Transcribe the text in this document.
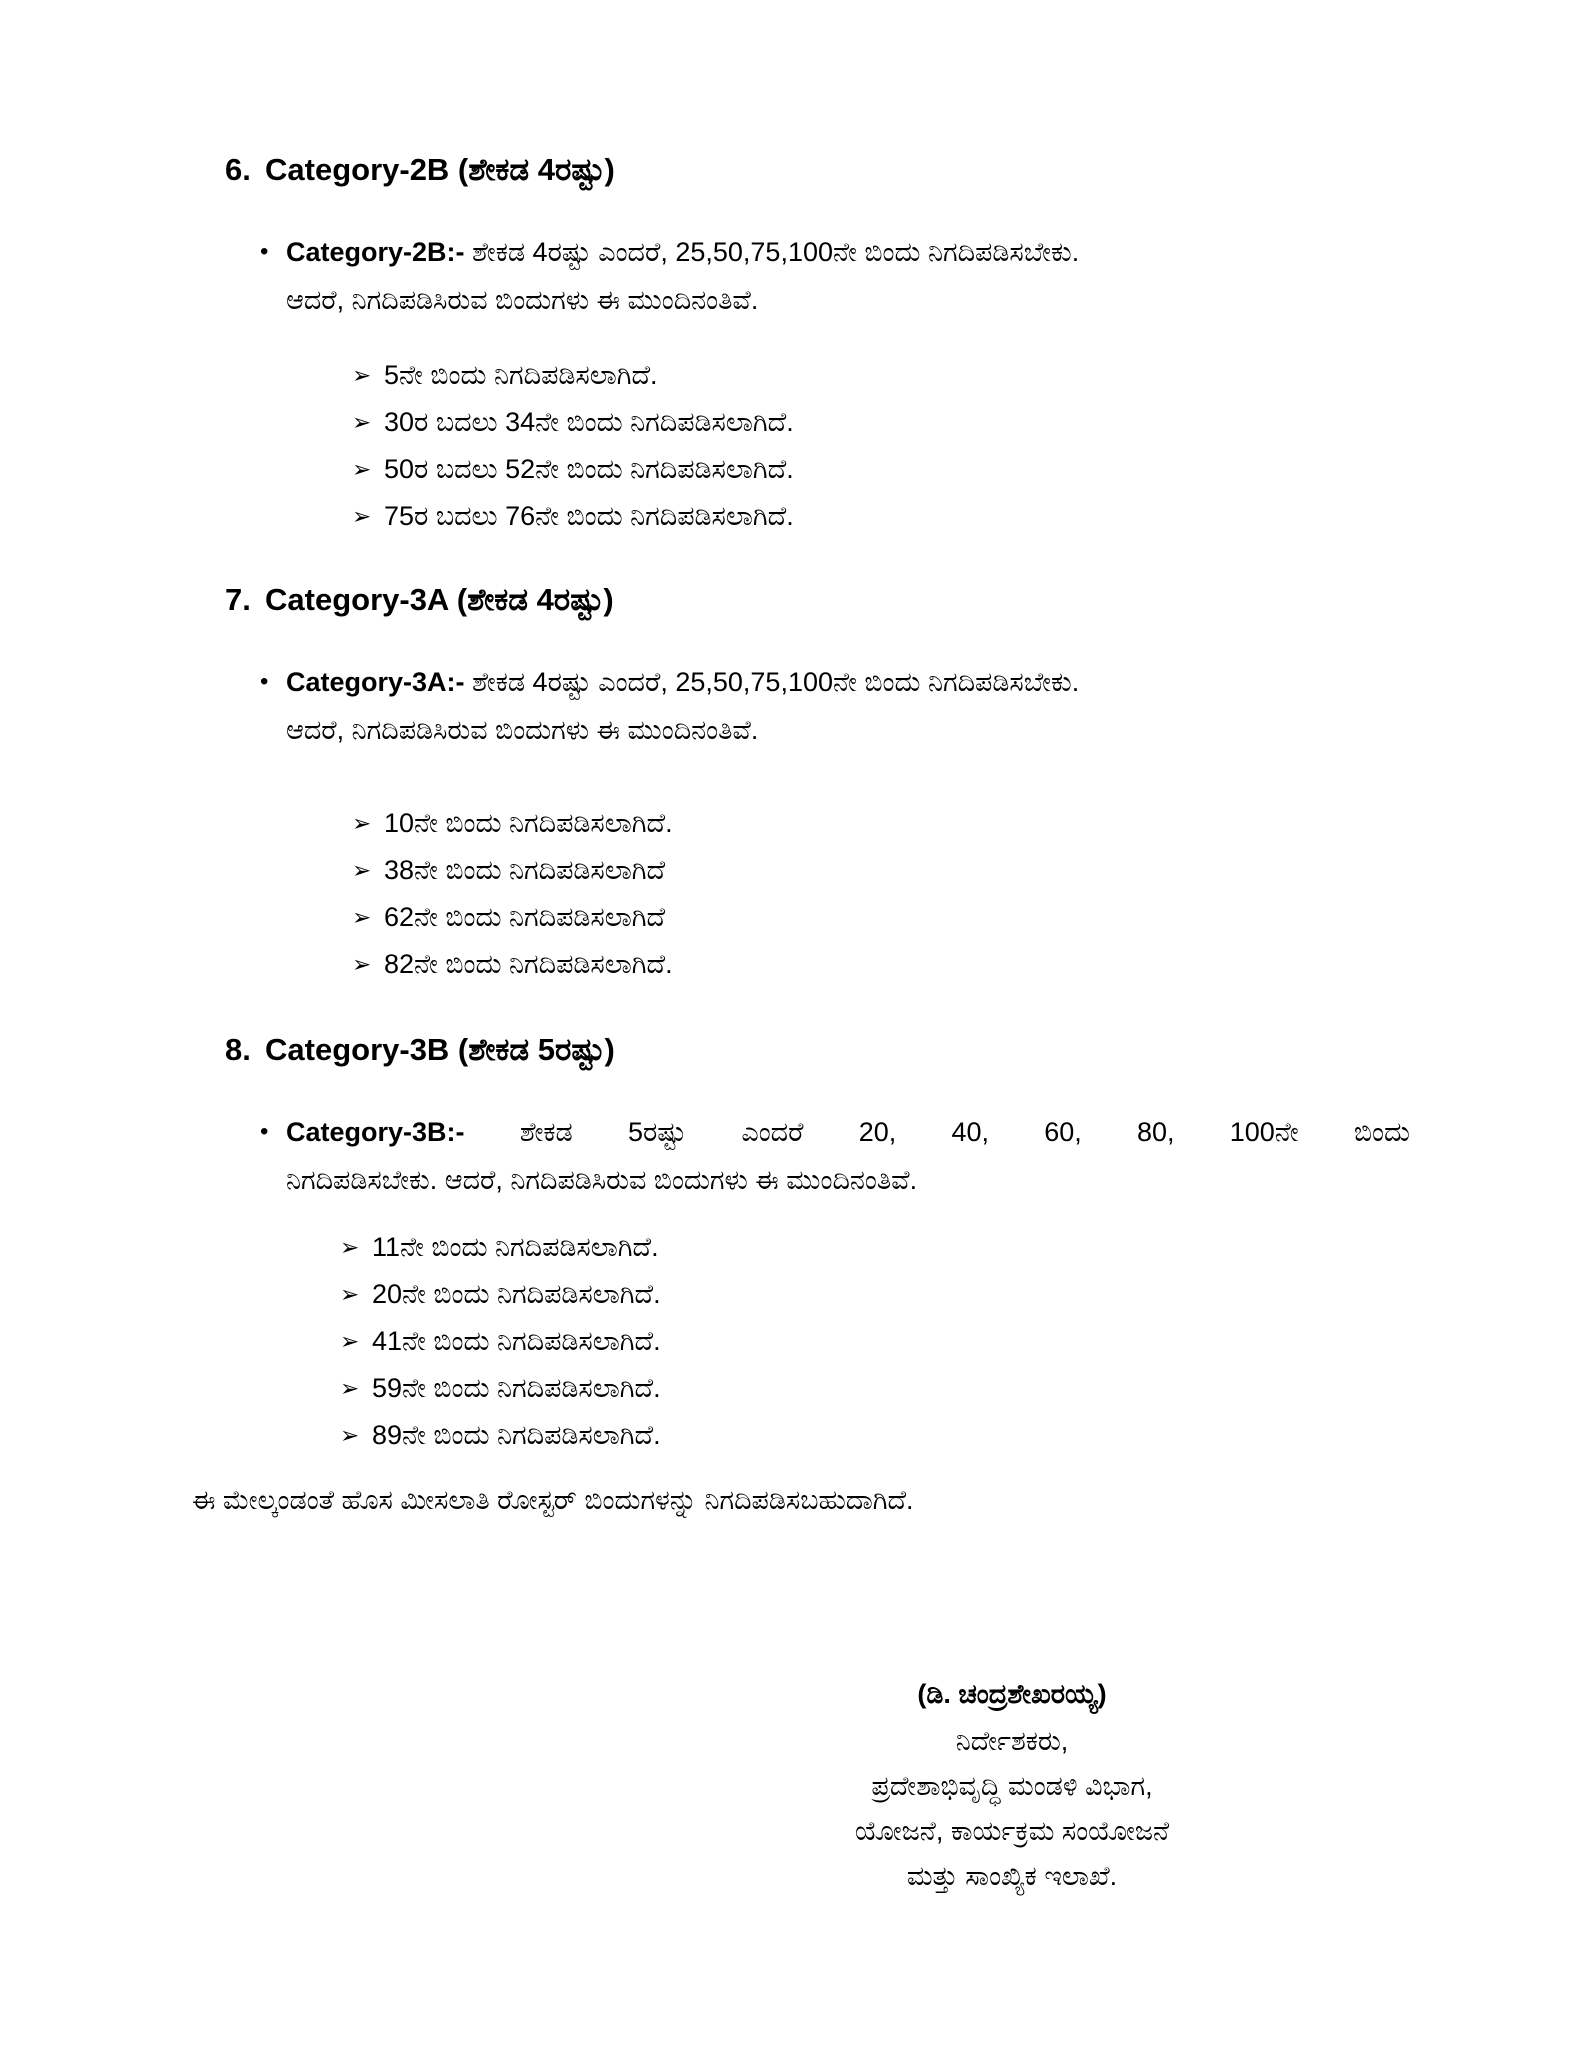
6. Category-2B (ಶೇಕಡ 4ರಷ್ಟು)
• Category-2B:- ಶೇಕಡ 4ರಷ್ಟು ಎಂದರೆ, 25,50,75,100ನೇ ಬಿಂದು ನಿಗದಿಪಡಿಸಬೇಕು.
ಆದರೆ, ನಿಗದಿಪಡಿಸಿರುವ ಬಿಂದುಗಳು ಈ ಮುಂದಿನಂತಿವೆ.
➢ 5ನೇ ಬಿಂದು ನಿಗದಿಪಡಿಸಲಾಗಿದೆ.
➢ 30ರ ಬದಲು 34ನೇ ಬಿಂದು ನಿಗದಿಪಡಿಸಲಾಗಿದೆ.
➢ 50ರ ಬದಲು 52ನೇ ಬಿಂದು ನಿಗದಿಪಡಿಸಲಾಗಿದೆ.
➢ 75ರ ಬದಲು 76ನೇ ಬಿಂದು ನಿಗದಿಪಡಿಸಲಾಗಿದೆ.
7. Category-3A (ಶೇಕಡ 4ರಷ್ಟು)
• Category-3A:- ಶೇಕಡ 4ರಷ್ಟು ಎಂದರೆ, 25,50,75,100ನೇ ಬಿಂದು ನಿಗದಿಪಡಿಸಬೇಕು.
ಆದರೆ, ನಿಗದಿಪಡಿಸಿರುವ ಬಿಂದುಗಳು ಈ ಮುಂದಿನಂತಿವೆ.
➢ 10ನೇ ಬಿಂದು ನಿಗದಿಪಡಿಸಲಾಗಿದೆ.
➢ 38ನೇ ಬಿಂದು ನಿಗದಿಪಡಿಸಲಾಗಿದೆ
➢ 62ನೇ ಬಿಂದು ನಿಗದಿಪಡಿಸಲಾಗಿದೆ
➢ 82ನೇ ಬಿಂದು ನಿಗದಿಪಡಿಸಲಾಗಿದೆ.
8. Category-3B (ಶೇಕಡ 5ರಷ್ಟು)
• Category-3B:- ಶೇಕಡ 5ರಷ್ಟು ಎಂದರೆ 20, 40, 60, 80, 100ನೇ ಬಿಂದು
ನಿಗದಿಪಡಿಸಬೇಕು. ಆದರೆ, ನಿಗದಿಪಡಿಸಿರುವ ಬಿಂದುಗಳು ಈ ಮುಂದಿನಂತಿವೆ.
➢ 11ನೇ ಬಿಂದು ನಿಗದಿಪಡಿಸಲಾಗಿದೆ.
➢ 20ನೇ ಬಿಂದು ನಿಗದಿಪಡಿಸಲಾಗಿದೆ.
➢ 41ನೇ ಬಿಂದು ನಿಗದಿಪಡಿಸಲಾಗಿದೆ.
➢ 59ನೇ ಬಿಂದು ನಿಗದಿಪಡಿಸಲಾಗಿದೆ.
➢ 89ನೇ ಬಿಂದು ನಿಗದಿಪಡಿಸಲಾಗಿದೆ.
ಈ ಮೇಲ್ಕಂಡಂತೆ ಹೊಸ ಮೀಸಲಾತಿ ರೋಸ್ಟರ್ ಬಿಂದುಗಳನ್ನು ನಿಗದಿಪಡಿಸಬಹುದಾಗಿದೆ.
(ಡಿ. ಚಂದ್ರಶೇಖರಯ್ಯ)
ನಿರ್ದೇಶಕರು,
ಪ್ರದೇಶಾಭಿವೃದ್ಧಿ ಮಂಡಳಿ ವಿಭಾಗ,
ಯೋಜನೆ, ಕಾರ್ಯಕ್ರಮ ಸಂಯೋಜನೆ
ಮತ್ತು ಸಾಂಖ್ಯಿಕ ಇಲಾಖೆ.
